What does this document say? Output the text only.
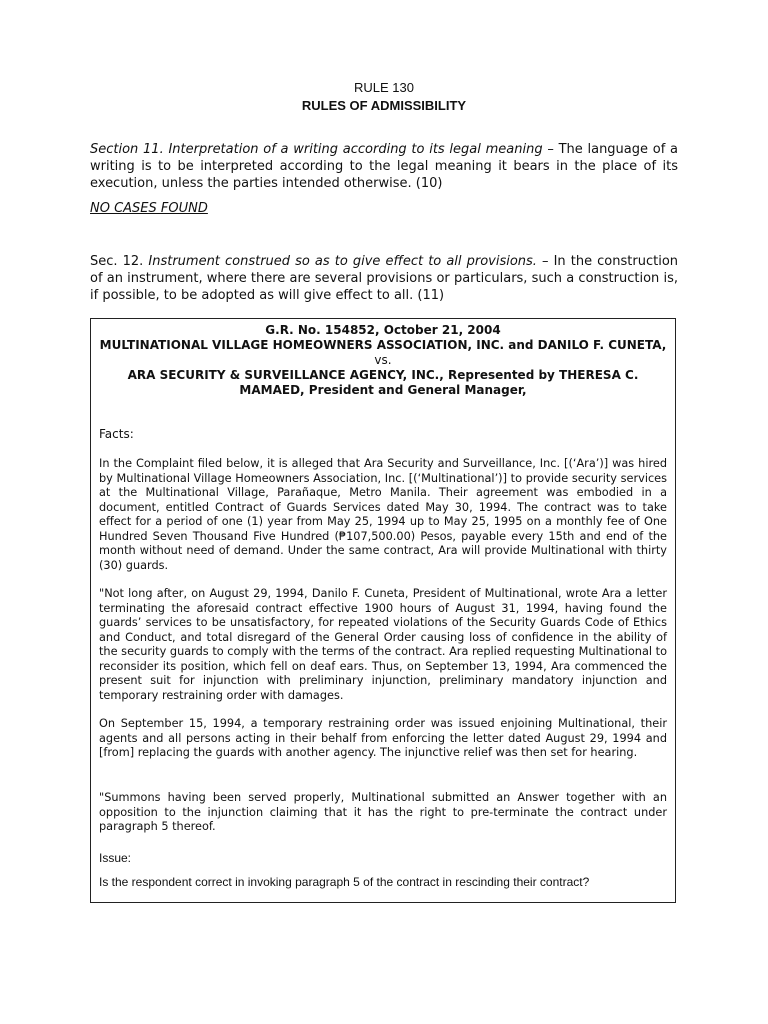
RULE 130
RULES OF ADMISSIBILITY
Section 11. Interpretation of a writing according to its legal meaning – The language of a writing is to be interpreted according to the legal meaning it bears in the place of its execution, unless the parties intended otherwise. (10)
NO CASES FOUND
Sec. 12. Instrument construed so as to give effect to all provisions. – In the construction of an instrument, where there are several provisions or particulars, such a construction is, if possible, to be adopted as will give effect to all. (11)
G.R. No. 154852, October 21, 2004
MULTINATIONAL VILLAGE HOMEOWNERS ASSOCIATION, INC. and DANILO F. CUNETA,
vs.
ARA SECURITY & SURVEILLANCE AGENCY, INC., Represented by THERESA C. MAMAED, President and General Manager,
Facts:
In the Complaint filed below, it is alleged that Ara Security and Surveillance, Inc. [(‘Ara’)] was hired by Multinational Village Homeowners Association, Inc. [(‘Multinational’)] to provide security services at the Multinational Village, Parañaque, Metro Manila. Their agreement was embodied in a document, entitled Contract of Guards Services dated May 30, 1994. The contract was to take effect for a period of one (1) year from May 25, 1994 up to May 25, 1995 on a monthly fee of One Hundred Seven Thousand Five Hundred (₱107,500.00) Pesos, payable every 15th and end of the month without need of demand. Under the same contract, Ara will provide Multinational with thirty (30) guards.
"Not long after, on August 29, 1994, Danilo F. Cuneta, President of Multinational, wrote Ara a letter terminating the aforesaid contract effective 1900 hours of August 31, 1994, having found the guards’ services to be unsatisfactory, for repeated violations of the Security Guards Code of Ethics and Conduct, and total disregard of the General Order causing loss of confidence in the ability of the security guards to comply with the terms of the contract. Ara replied requesting Multinational to reconsider its position, which fell on deaf ears. Thus, on September 13, 1994, Ara commenced the present suit for injunction with preliminary injunction, preliminary mandatory injunction and temporary restraining order with damages.
On September 15, 1994, a temporary restraining order was issued enjoining Multinational, their agents and all persons acting in their behalf from enforcing the letter dated August 29, 1994 and [from] replacing the guards with another agency. The injunctive relief was then set for hearing.
"Summons having been served properly, Multinational submitted an Answer together with an opposition to the injunction claiming that it has the right to pre-terminate the contract under paragraph 5 thereof.
Issue:
Is the respondent correct in invoking paragraph 5 of the contract in rescinding their contract?
